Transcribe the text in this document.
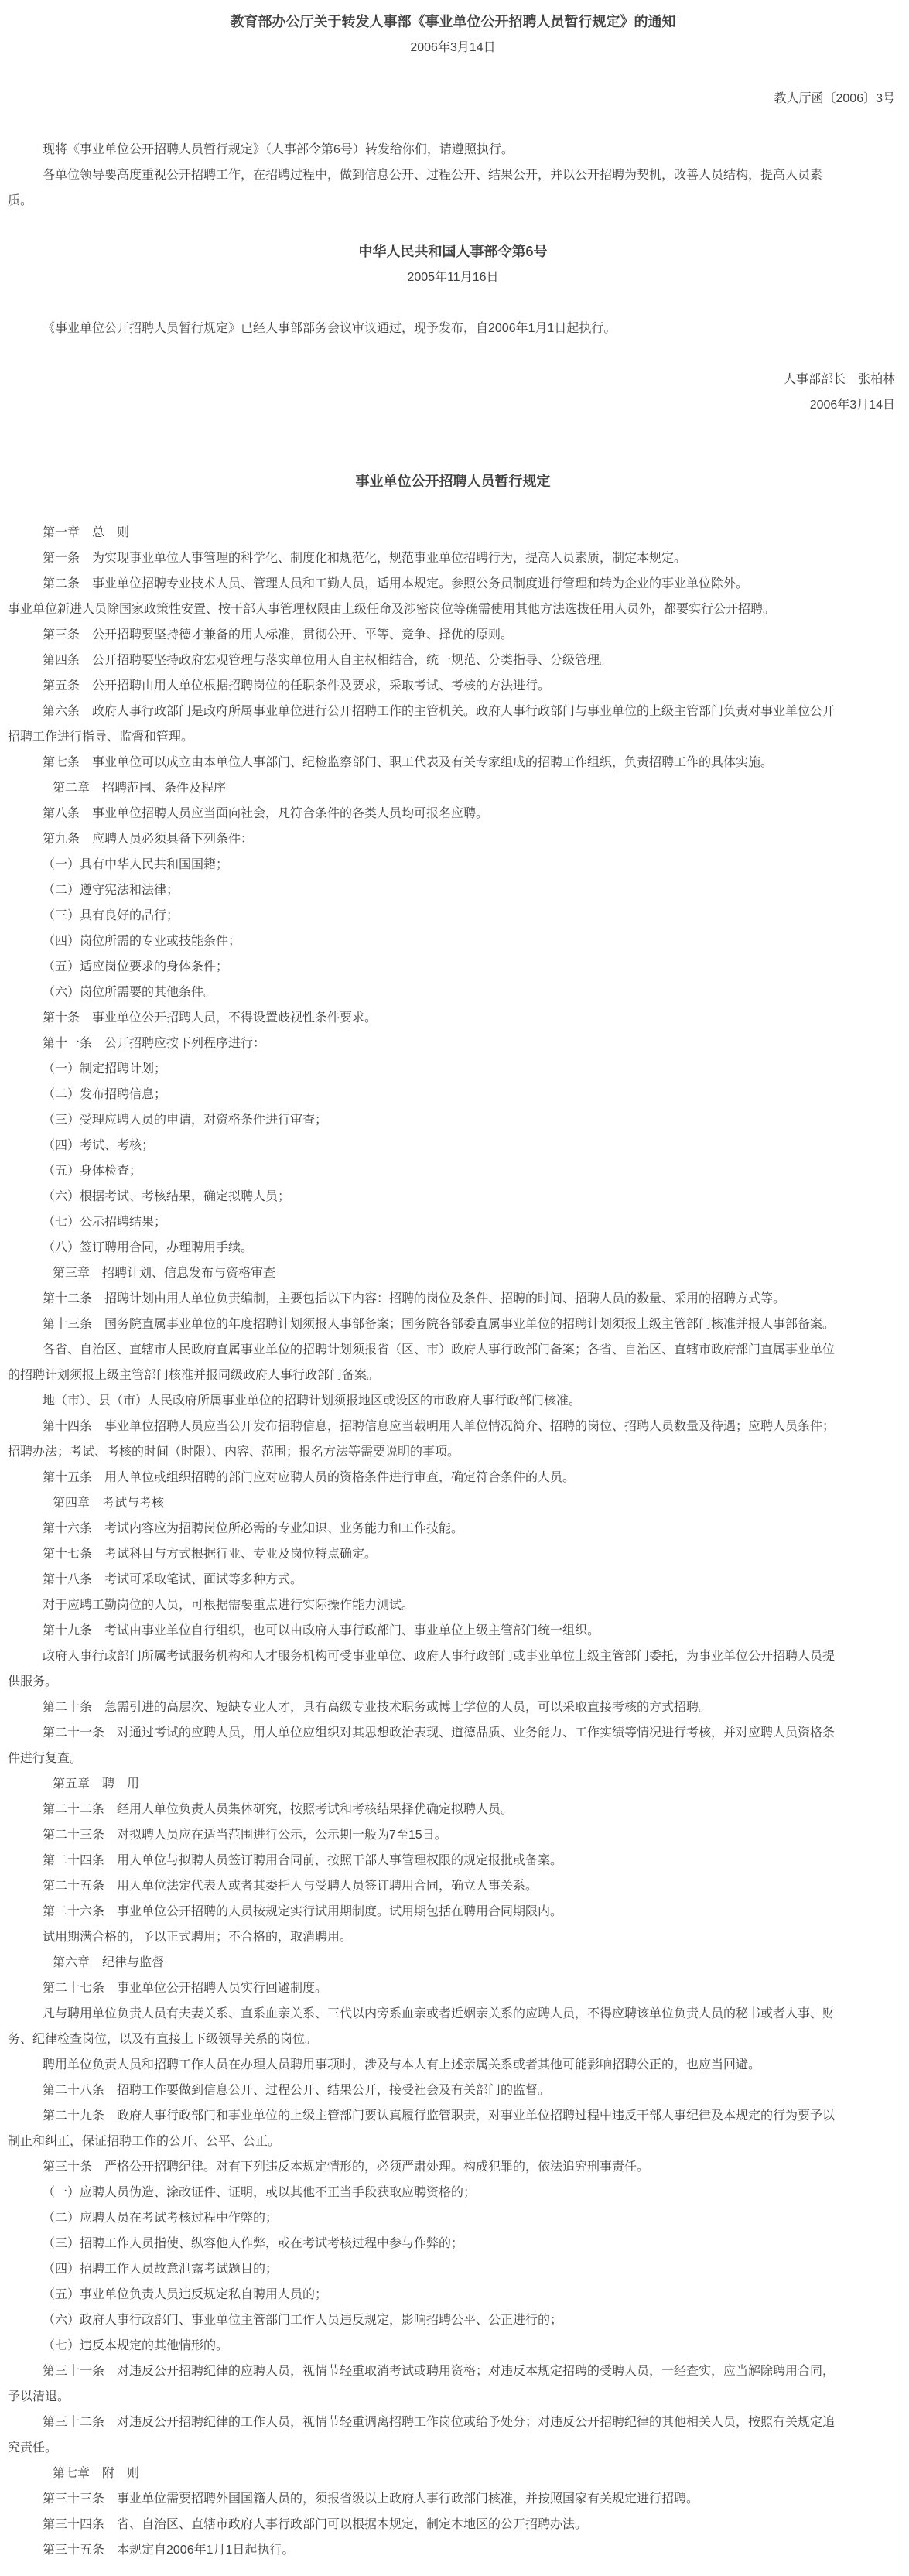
教育部办公厅关于转发人事部《事业单位公开招聘人员暂行规定》的通知
2006年3月14日
教人厅函〔2006〕3号
现将《事业单位公开招聘人员暂行规定》（人事部令第6号）转发给你们，请遵照执行。
各单位领导要高度重视公开招聘工作，在招聘过程中，做到信息公开、过程公开、结果公开，并以公开招聘为契机，改善人员结构，提高人员素
质。
中华人民共和国人事部令第6号
2005年11月16日
《事业单位公开招聘人员暂行规定》已经人事部部务会议审议通过，现予发布，自2006年1月1日起执行。
人事部部长　张柏林
2006年3月14日
事业单位公开招聘人员暂行规定
第一章　总　则
第一条　为实现事业单位人事管理的科学化、制度化和规范化，规范事业单位招聘行为，提高人员素质，制定本规定。
第二条　事业单位招聘专业技术人员、管理人员和工勤人员，适用本规定。参照公务员制度进行管理和转为企业的事业单位除外。
事业单位新进人员除国家政策性安置、按干部人事管理权限由上级任命及涉密岗位等确需使用其他方法选拔任用人员外，都要实行公开招聘。
第三条　公开招聘要坚持德才兼备的用人标准，贯彻公开、平等、竞争、择优的原则。
第四条　公开招聘要坚持政府宏观管理与落实单位用人自主权相结合，统一规范、分类指导、分级管理。
第五条　公开招聘由用人单位根据招聘岗位的任职条件及要求，采取考试、考核的方法进行。
第六条　政府人事行政部门是政府所属事业单位进行公开招聘工作的主管机关。政府人事行政部门与事业单位的上级主管部门负责对事业单位公开
招聘工作进行指导、监督和管理。
第七条　事业单位可以成立由本单位人事部门、纪检监察部门、职工代表及有关专家组成的招聘工作组织，负责招聘工作的具体实施。
第二章　招聘范围、条件及程序
第八条　事业单位招聘人员应当面向社会，凡符合条件的各类人员均可报名应聘。
第九条　应聘人员必须具备下列条件：
（一）具有中华人民共和国国籍；
（二）遵守宪法和法律；
（三）具有良好的品行；
（四）岗位所需的专业或技能条件；
（五）适应岗位要求的身体条件；
（六）岗位所需要的其他条件。
第十条　事业单位公开招聘人员，不得设置歧视性条件要求。
第十一条　公开招聘应按下列程序进行：
（一）制定招聘计划；
（二）发布招聘信息；
（三）受理应聘人员的申请，对资格条件进行审查；
（四）考试、考核；
（五）身体检查；
（六）根据考试、考核结果，确定拟聘人员；
（七）公示招聘结果；
（八）签订聘用合同，办理聘用手续。
第三章　招聘计划、信息发布与资格审查
第十二条　招聘计划由用人单位负责编制，主要包括以下内容：招聘的岗位及条件、招聘的时间、招聘人员的数量、采用的招聘方式等。
第十三条　国务院直属事业单位的年度招聘计划须报人事部备案；国务院各部委直属事业单位的招聘计划须报上级主管部门核准并报人事部备案。
各省、自治区、直辖市人民政府直属事业单位的招聘计划须报省（区、市）政府人事行政部门备案；各省、自治区、直辖市政府部门直属事业单位
的招聘计划须报上级主管部门核准并报同级政府人事行政部门备案。
地（市）、县（市）人民政府所属事业单位的招聘计划须报地区或设区的市政府人事行政部门核准。
第十四条　事业单位招聘人员应当公开发布招聘信息，招聘信息应当载明用人单位情况简介、招聘的岗位、招聘人员数量及待遇；应聘人员条件；
招聘办法；考试、考核的时间（时限）、内容、范围；报名方法等需要说明的事项。
第十五条　用人单位或组织招聘的部门应对应聘人员的资格条件进行审查，确定符合条件的人员。
第四章　考试与考核
第十六条　考试内容应为招聘岗位所必需的专业知识、业务能力和工作技能。
第十七条　考试科目与方式根据行业、专业及岗位特点确定。
第十八条　考试可采取笔试、面试等多种方式。
对于应聘工勤岗位的人员，可根据需要重点进行实际操作能力测试。
第十九条　考试由事业单位自行组织，也可以由政府人事行政部门、事业单位上级主管部门统一组织。
政府人事行政部门所属考试服务机构和人才服务机构可受事业单位、政府人事行政部门或事业单位上级主管部门委托，为事业单位公开招聘人员提
供服务。
第二十条　急需引进的高层次、短缺专业人才，具有高级专业技术职务或博士学位的人员，可以采取直接考核的方式招聘。
第二十一条　对通过考试的应聘人员，用人单位应组织对其思想政治表现、道德品质、业务能力、工作实绩等情况进行考核，并对应聘人员资格条
件进行复查。
第五章　聘　用
第二十二条　经用人单位负责人员集体研究，按照考试和考核结果择优确定拟聘人员。
第二十三条　对拟聘人员应在适当范围进行公示，公示期一般为7至15日。
第二十四条　用人单位与拟聘人员签订聘用合同前，按照干部人事管理权限的规定报批或备案。
第二十五条　用人单位法定代表人或者其委托人与受聘人员签订聘用合同，确立人事关系。
第二十六条　事业单位公开招聘的人员按规定实行试用期制度。试用期包括在聘用合同期限内。
试用期满合格的，予以正式聘用；不合格的，取消聘用。
第六章　纪律与监督
第二十七条　事业单位公开招聘人员实行回避制度。
凡与聘用单位负责人员有夫妻关系、直系血亲关系、三代以内旁系血亲或者近姻亲关系的应聘人员，不得应聘该单位负责人员的秘书或者人事、财
务、纪律检查岗位，以及有直接上下级领导关系的岗位。
聘用单位负责人员和招聘工作人员在办理人员聘用事项时，涉及与本人有上述亲属关系或者其他可能影响招聘公正的，也应当回避。
第二十八条　招聘工作要做到信息公开、过程公开、结果公开，接受社会及有关部门的监督。
第二十九条　政府人事行政部门和事业单位的上级主管部门要认真履行监管职责，对事业单位招聘过程中违反干部人事纪律及本规定的行为要予以
制止和纠正，保证招聘工作的公开、公平、公正。
第三十条　严格公开招聘纪律。对有下列违反本规定情形的，必须严肃处理。构成犯罪的，依法追究刑事责任。
（一）应聘人员伪造、涂改证件、证明，或以其他不正当手段获取应聘资格的；
（二）应聘人员在考试考核过程中作弊的；
（三）招聘工作人员指使、纵容他人作弊，或在考试考核过程中参与作弊的；
（四）招聘工作人员故意泄露考试题目的；
（五）事业单位负责人员违反规定私自聘用人员的；
（六）政府人事行政部门、事业单位主管部门工作人员违反规定，影响招聘公平、公正进行的；
（七）违反本规定的其他情形的。
第三十一条　对违反公开招聘纪律的应聘人员，视情节轻重取消考试或聘用资格；对违反本规定招聘的受聘人员，一经查实，应当解除聘用合同，
予以清退。
第三十二条　对违反公开招聘纪律的工作人员，视情节轻重调离招聘工作岗位或给予处分；对违反公开招聘纪律的其他相关人员，按照有关规定追
究责任。
第七章　附　则
第三十三条　事业单位需要招聘外国国籍人员的，须报省级以上政府人事行政部门核准，并按照国家有关规定进行招聘。
第三十四条　省、自治区、直辖市政府人事行政部门可以根据本规定，制定本地区的公开招聘办法。
第三十五条　本规定自2006年1月1日起执行。
